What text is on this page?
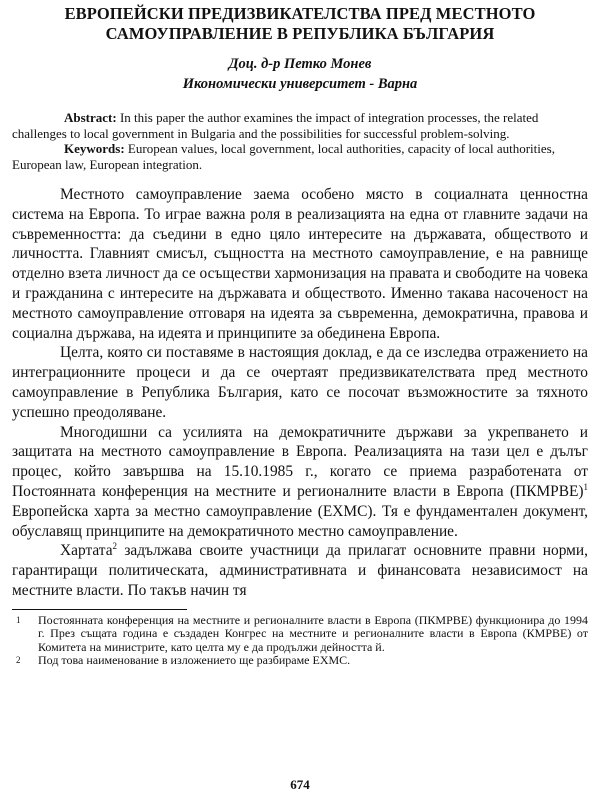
ЕВРОПЕЙСКИ ПРЕДИЗВИКАТЕЛСТВА ПРЕД МЕСТНОТО
САМОУПРАВЛЕНИЕ В РЕПУБЛИКА БЪЛГАРИЯ
Доц. д-р Петко Монев
Икономически университет - Варна

Abstract: In this paper the author examines the impact of integration processes, the related challenges to local government in Bulgaria and the possibilities for successful problem-solving.

Keywords: European values, local government, local authorities, capacity of local authorities, European law, European integration.

Местното самоуправление заема особено място в социалната ценностна система на Европа. То играе важна роля в реализацията на една от главните задачи на съвременността: да съедини в едно цяло интересите на държавата, обществото и личността. Главният смисъл, същността на местното самоуправление, е на равнище отделно взета личност да се осъществи хармонизация на правата и свободите на човека и гражданина с интересите на държавата и обществото. Именно такава насоченост на местното самоуправление отговаря на идеята за съвременна, демократична, правова и социална държава, на идеята и принципите за обединена Европа.

Целта, която си поставяме в настоящия доклад, е да се изследва отражението на интеграционните процеси и да се очертаят предизвикателствата пред местното самоуправление в Република България, като се посочат възможностите за тяхното успешно преодоляване.

Многодишни са усилията на демократичните държави за укрепването и защитата на местното самоуправление в Европа. Реализацията на тази цел е дълъг процес, който завършва на 15.10.1985 г., когато се приема разработената от Постоянната конференция на местните и регионалните власти в Европа (ПКМРВЕ)$^1$ Европейска харта за местно самоуправление (ЕХМС). Тя е фундаментален документ, обуславящ принципите на демократичното местно самоуправление.

Хартата$^2$ задължава своите участници да прилагат основните правни норми, гарантиращи политическата, административната и финансовата независимост на местните власти. По такъв начин тя

1 Постоянната конференция на местните и регионалните власти в Европа (ПКМРВЕ) функционира до 1994 г. През същата година е създаден Конгрес на местните и регионалните власти в Европа (КМРВЕ) от Комитета на министрите, като целта му е да продължи дейността й.

2 Под това наименование в изложението ще разбираме ЕХМС.

674
